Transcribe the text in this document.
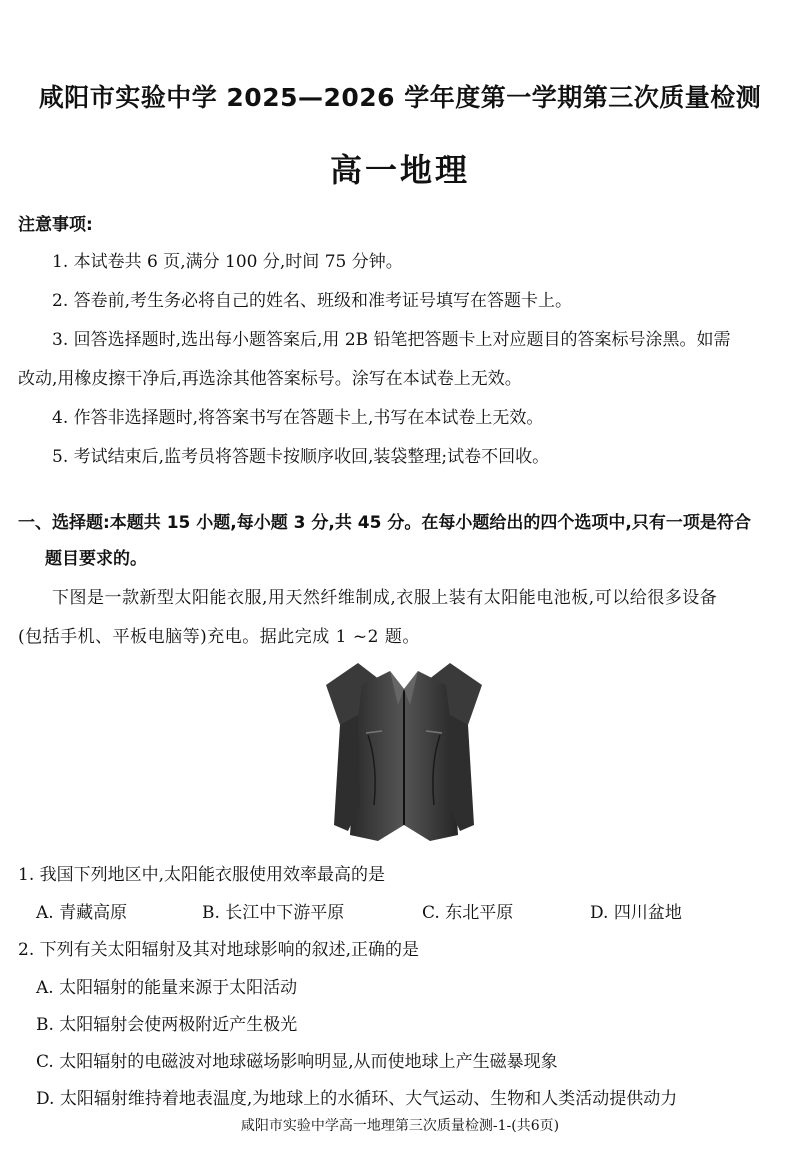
咸阳市实验中学 2025—2026 学年度第一学期第三次质量检测
高一地理
注意事项:
1. 本试卷共 6 页,满分 100 分,时间 75 分钟。
2. 答卷前,考生务必将自己的姓名、班级和准考证号填写在答题卡上。
3. 回答选择题时,选出每小题答案后,用 2B 铅笔把答题卡上对应题目的答案标号涂黑。如需
改动,用橡皮擦干净后,再选涂其他答案标号。涂写在本试卷上无效。
4. 作答非选择题时,将答案书写在答题卡上,书写在本试卷上无效。
5. 考试结束后,监考员将答题卡按顺序收回,装袋整理;试卷不回收。
一、选择题:本题共 15 小题,每小题 3 分,共 45 分。在每小题给出的四个选项中,只有一项是符合
题目要求的。
下图是一款新型太阳能衣服,用天然纤维制成,衣服上装有太阳能电池板,可以给很多设备
(包括手机、平板电脑等)充电。据此完成 1 ~2 题。
1. 我国下列地区中,太阳能衣服使用效率最高的是
A. 青藏高原	B. 长江中下游平原	C. 东北平原	D. 四川盆地
2. 下列有关太阳辐射及其对地球影响的叙述,正确的是
A. 太阳辐射的能量来源于太阳活动
B. 太阳辐射会使两极附近产生极光
C. 太阳辐射的电磁波对地球磁场影响明显,从而使地球上产生磁暴现象
D. 太阳辐射维持着地表温度,为地球上的水循环、大气运动、生物和人类活动提供动力
咸阳市实验中学高一地理第三次质量检测-1-(共6页)
